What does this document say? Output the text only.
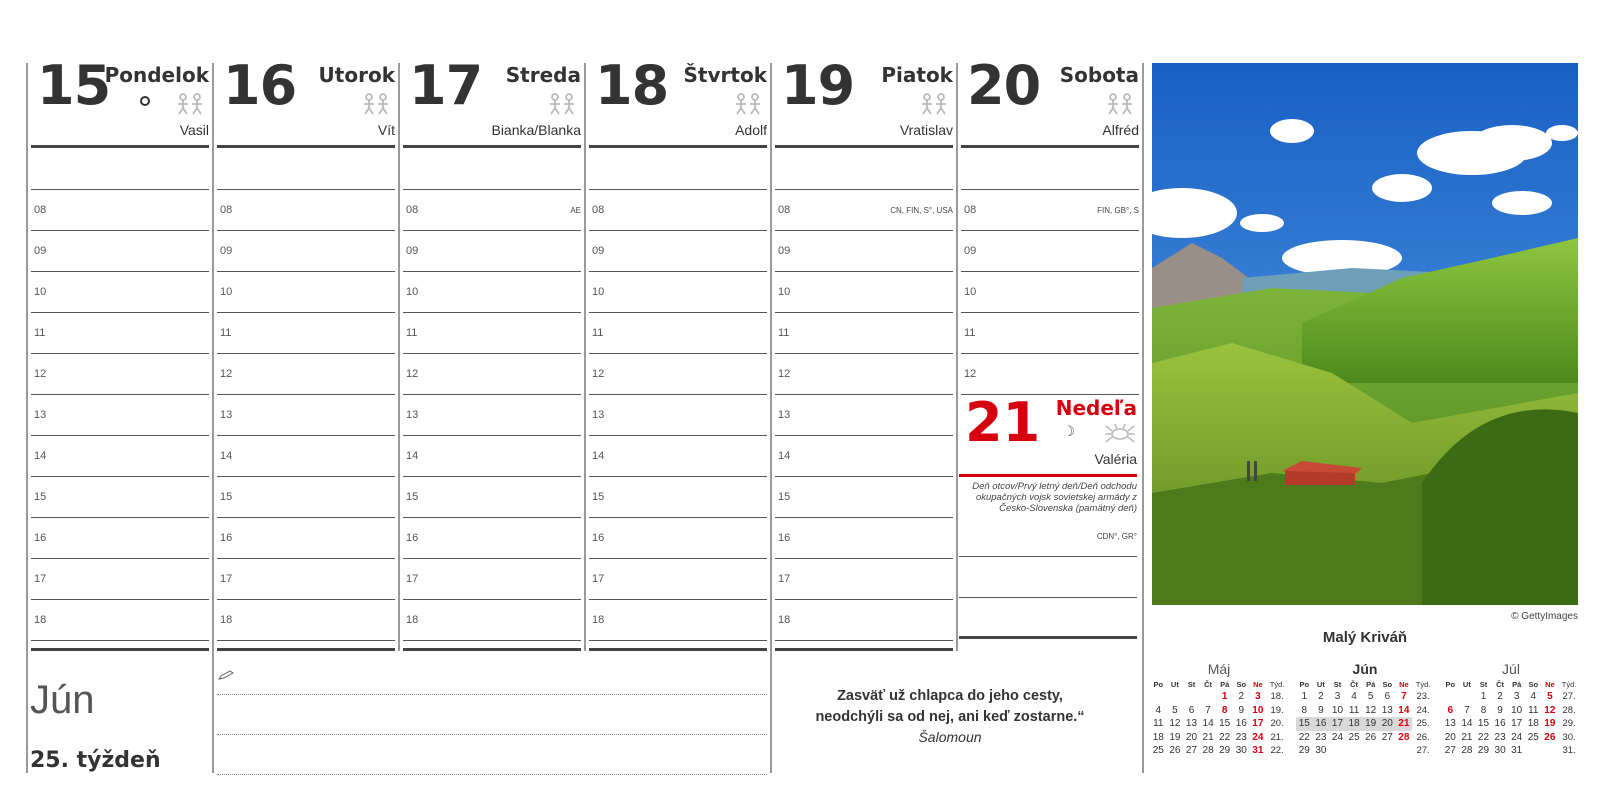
15
Pondelok
Vasil
08
09
10
11
12
13
14
15
16
17
18
16 Utorok
Vít
08
09
10
11
12
13
14
15
16
17
18
17 Streda
Bianka/Blanka
08	AE
09
10
11
12
13
14
15
16
17
18
18 Štvrtok
Adolf
08
09
10
11
12
13
14
15
16
17
18
19 Piatok
Vratislav
08	CN, FIN, S°, USA
09
10
11
12
13
14
15
16
17
18
20 Sobota
Alfréd
08	FIN, GB°, S
09
10
11
12
21 Nedeľa
☽
Valéria
Deň otcov/Prvý letný deň/Deň odchodu okupačných vojsk sovietskej armády z Česko-Slovenska (pamätný deň)
CDN°, GR°
Jún
25. týždeň
Zasväť už chlapca do jeho cesty,
neodchýli sa od nej, ani keď zostarne.“
Šalomoun
© GettyImages
Malý Kriváň
Máj
Po	Ut	St	Čt	Pá	So	Ne	Týd.
				1	2	3	18.
4	5	6	7	8	9	10	19.
11	12	13	14	15	16	17	20.
18	19	20	21	22	23	24	21.
25	26	27	28	29	30	31	22.
Jún
Po	Ut	St	Čt	Pá	So	Ne	Týd.
1	2	3	4	5	6	7	23.
8	9	10	11	12	13	14	24.
15	16	17	18	19	20	21	25.
22	23	24	25	26	27	28	26.
29	30						27.
Júl
Po	Ut	St	Čt	Pá	So	Ne	Týd.
		1	2	3	4	5	27.
6	7	8	9	10	11	12	28.
13	14	15	16	17	18	19	29.
20	21	22	23	24	25	26	30.
27	28	29	30	31			31.
